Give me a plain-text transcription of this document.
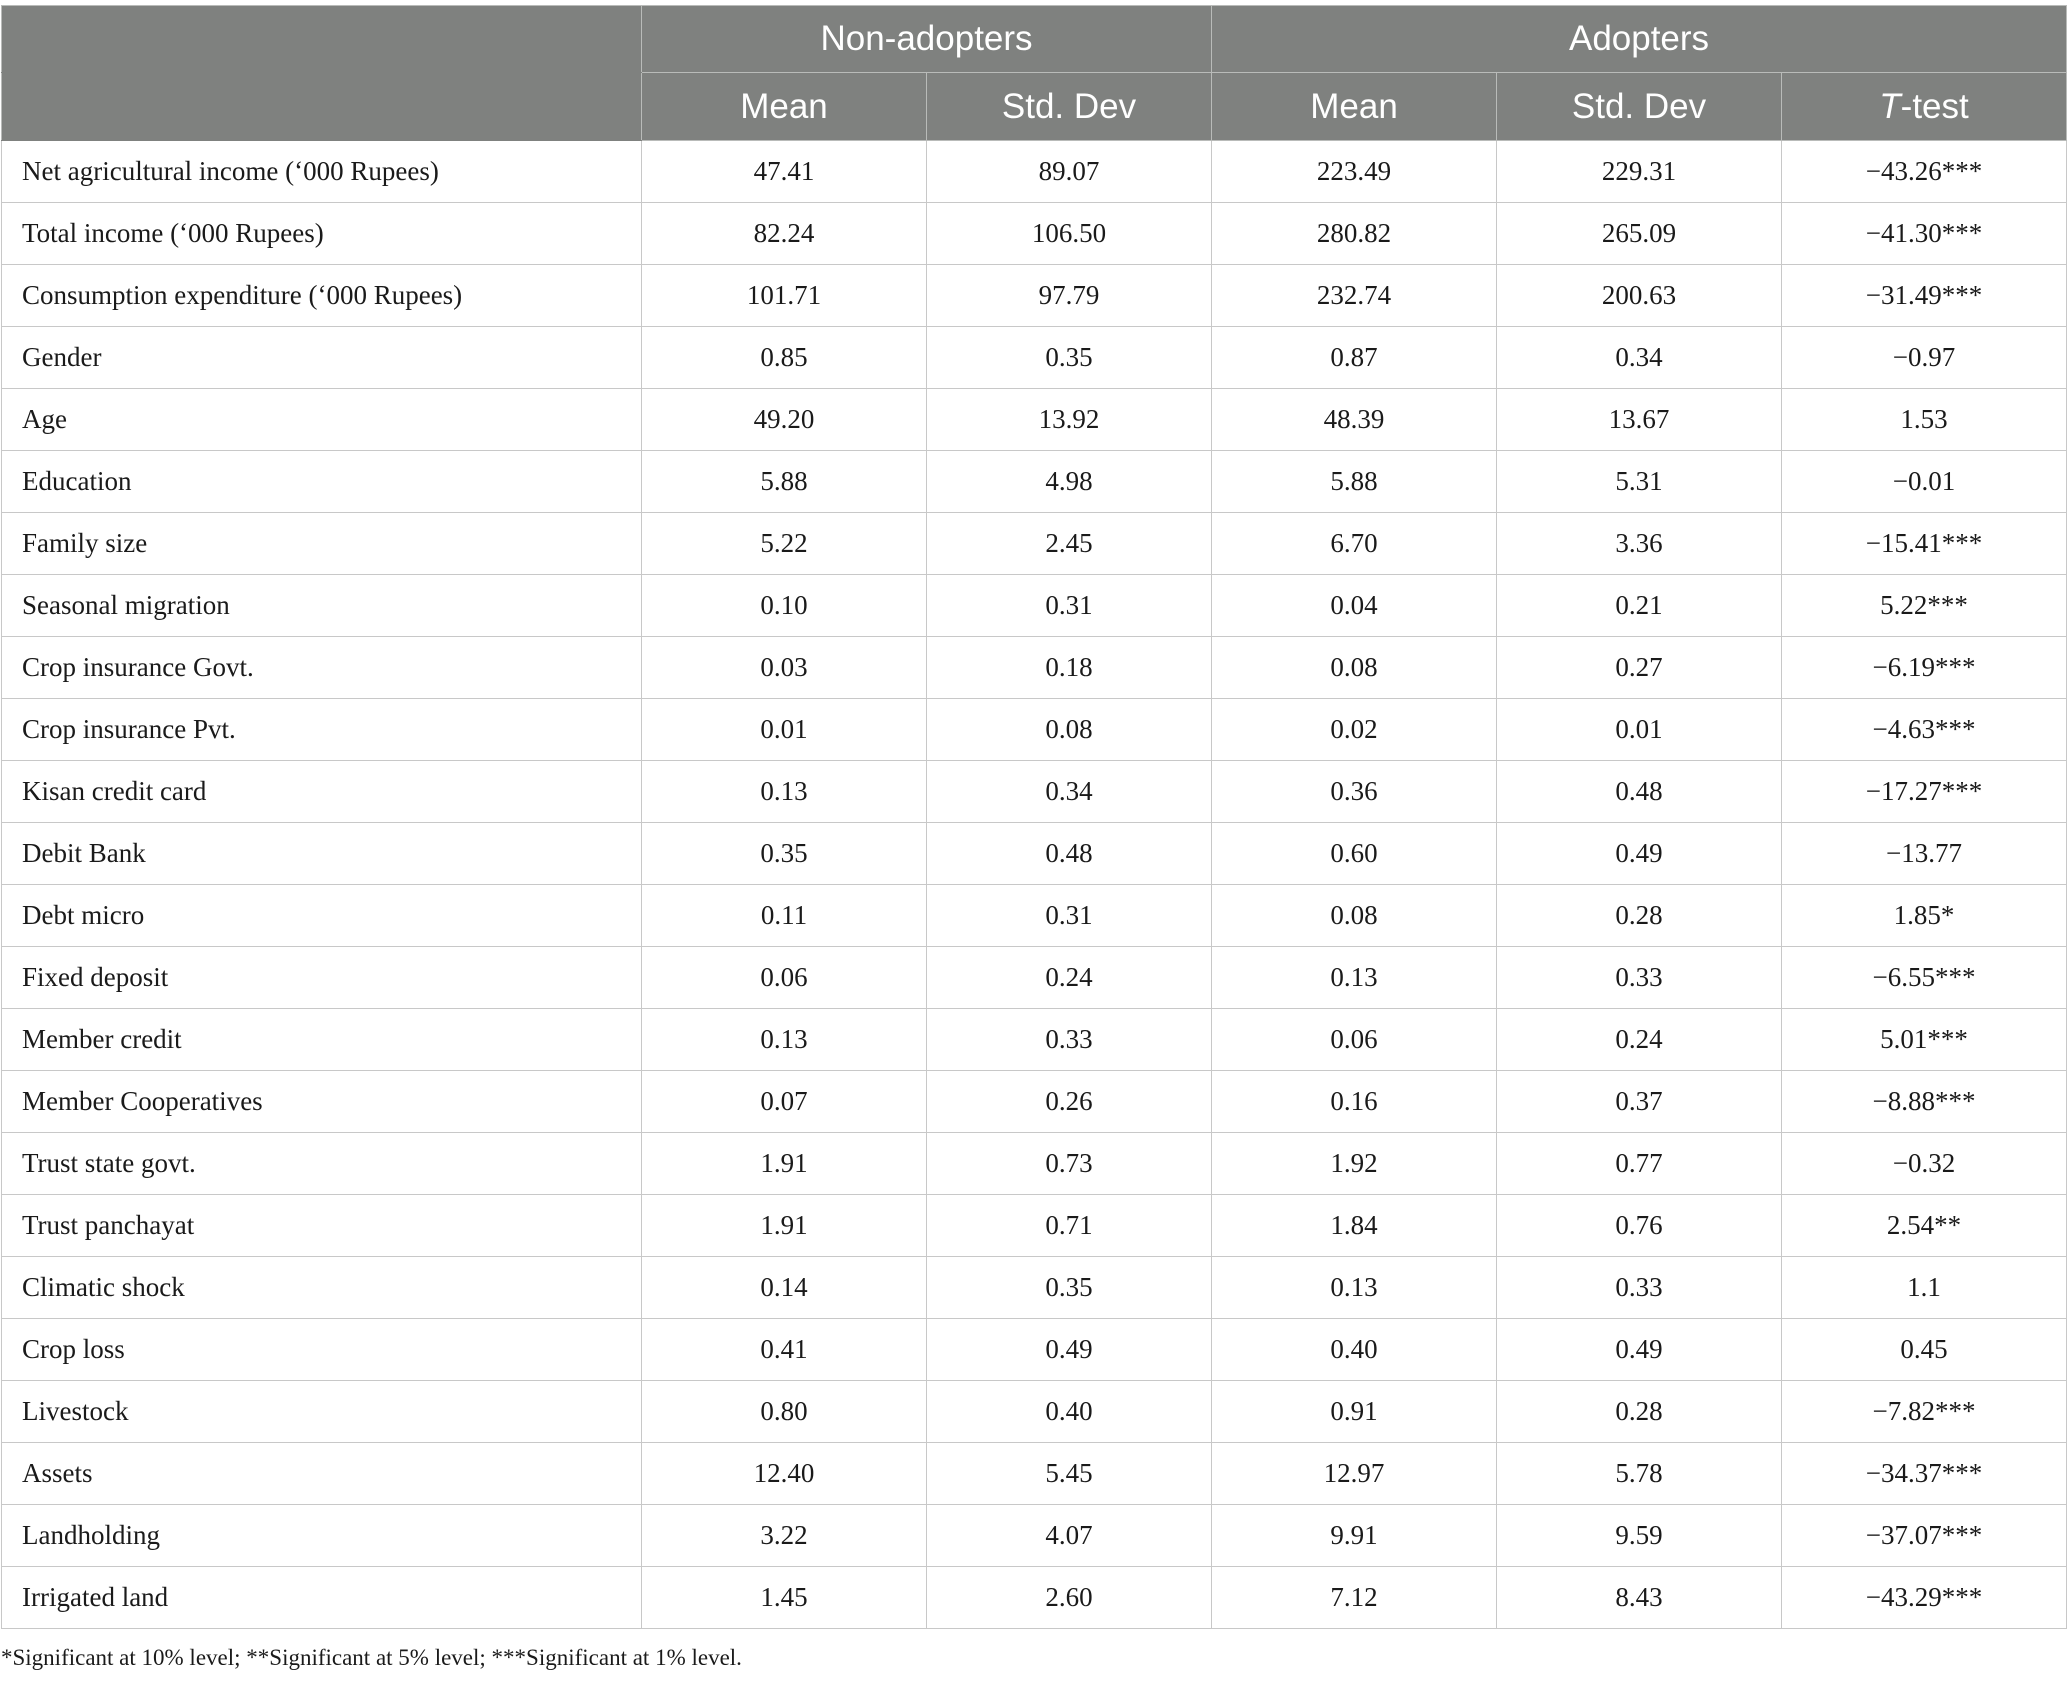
	Non-adopters		Adopters		
	Mean	Std. Dev	Mean	Std. Dev	T-test
Net agricultural income (‘000 Rupees)	47.41	89.07	223.49	229.31	−43.26***
Total income (‘000 Rupees)	82.24	106.50	280.82	265.09	−41.30***
Consumption expenditure (‘000 Rupees)	101.71	97.79	232.74	200.63	−31.49***
Gender	0.85	0.35	0.87	0.34	−0.97
Age	49.20	13.92	48.39	13.67	1.53
Education	5.88	4.98	5.88	5.31	−0.01
Family size	5.22	2.45	6.70	3.36	−15.41***
Seasonal migration	0.10	0.31	0.04	0.21	5.22***
Crop insurance Govt.	0.03	0.18	0.08	0.27	−6.19***
Crop insurance Pvt.	0.01	0.08	0.02	0.01	−4.63***
Kisan credit card	0.13	0.34	0.36	0.48	−17.27***
Debit Bank	0.35	0.48	0.60	0.49	−13.77
Debt micro	0.11	0.31	0.08	0.28	1.85*
Fixed deposit	0.06	0.24	0.13	0.33	−6.55***
Member credit	0.13	0.33	0.06	0.24	5.01***
Member Cooperatives	0.07	0.26	0.16	0.37	−8.88***
Trust state govt.	1.91	0.73	1.92	0.77	−0.32
Trust panchayat	1.91	0.71	1.84	0.76	2.54**
Climatic shock	0.14	0.35	0.13	0.33	1.1
Crop loss	0.41	0.49	0.40	0.49	0.45
Livestock	0.80	0.40	0.91	0.28	−7.82***
Assets	12.40	5.45	12.97	5.78	−34.37***
Landholding	3.22	4.07	9.91	9.59	−37.07***
Irrigated land	1.45	2.60	7.12	8.43	−43.29***
*Significant at 10% level; **Significant at 5% level; ***Significant at 1% level.
